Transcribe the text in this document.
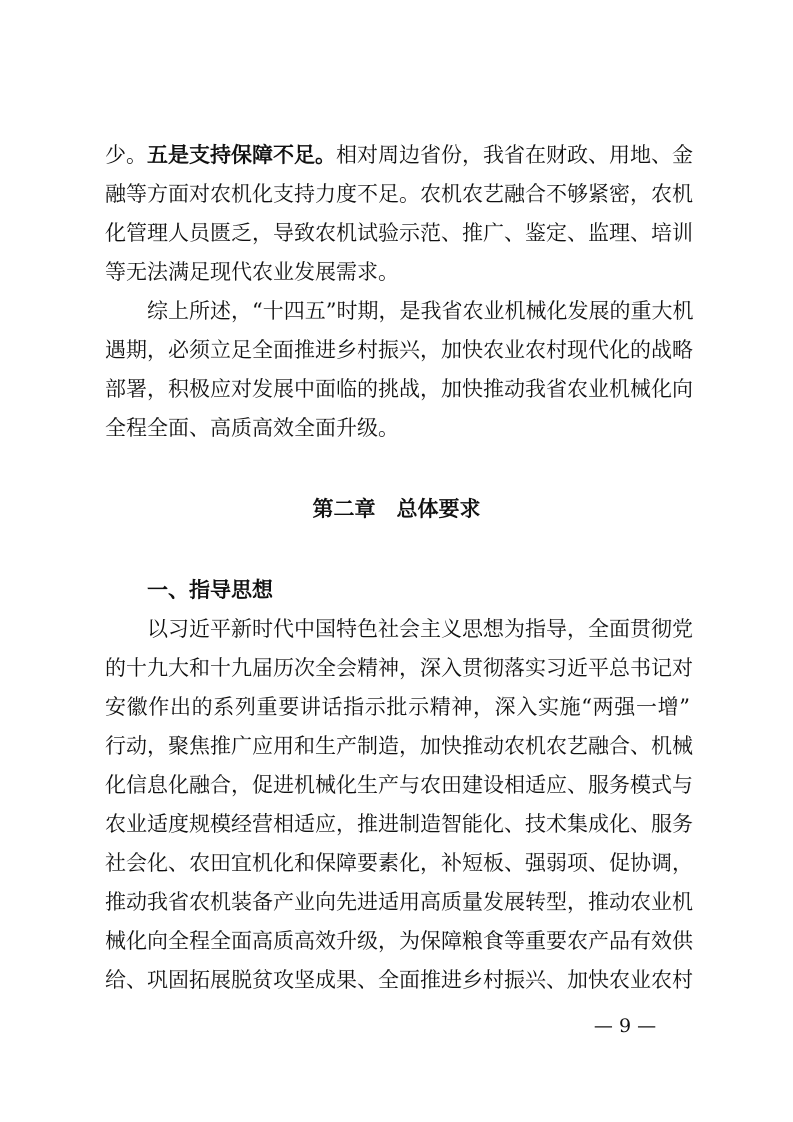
少。五是支持保障不足。相对周边省份，我省在财政、用地、金
融等方面对农机化支持力度不足。农机农艺融合不够紧密，农机
化管理人员匮乏，导致农机试验示范、推广、鉴定、监理、培训
等无法满足现代农业发展需求。
综上所述，“十四五”时期，是我省农业机械化发展的重大机
遇期，必须立足全面推进乡村振兴，加快农业农村现代化的战略
部署，积极应对发展中面临的挑战，加快推动我省农业机械化向
全程全面、高质高效全面升级。
第二章　总体要求
一、指导思想
以习近平新时代中国特色社会主义思想为指导，全面贯彻党
的十九大和十九届历次全会精神，深入贯彻落实习近平总书记对
安徽作出的系列重要讲话指示批示精神，深入实施“两强一增”
行动，聚焦推广应用和生产制造，加快推动农机农艺融合、机械
化信息化融合，促进机械化生产与农田建设相适应、服务模式与
农业适度规模经营相适应，推进制造智能化、技术集成化、服务
社会化、农田宜机化和保障要素化，补短板、强弱项、促协调，
推动我省农机装备产业向先进适用高质量发展转型，推动农业机
械化向全程全面高质高效升级，为保障粮食等重要农产品有效供
给、巩固拓展脱贫攻坚成果、全面推进乡村振兴、加快农业农村
— 9 —
